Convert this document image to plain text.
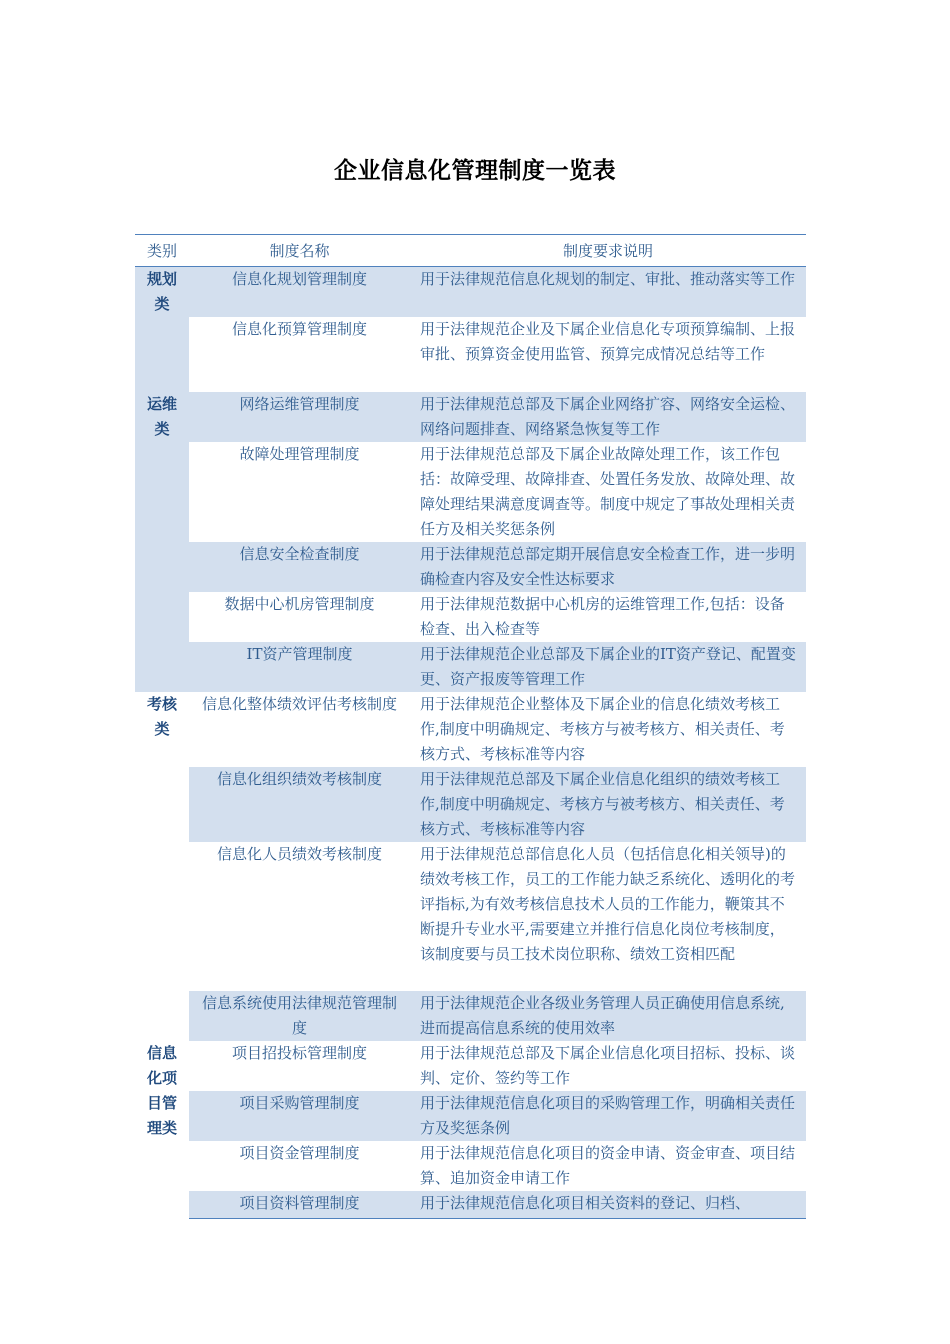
企业信息化管理制度一览表
类别	制度名称	制度要求说明

规划类	信息化规划管理制度	用于法律规范信息化规划的制定、审批、推动落实等工作
	信息化预算管理制度	用于法律规范企业及下属企业信息化专项预算编制、上报审批、预算资金使用监管、预算完成情况总结等工作

运维类	网络运维管理制度	用于法律规范总部及下属企业网络扩容、网络安全运检、网络问题排查、网络紧急恢复等工作
	故障处理管理制度	用于法律规范总部及下属企业故障处理工作，该工作包括：故障受理、故障排查、处置任务发放、故障处理、故障处理结果满意度调查等。制度中规定了事故处理相关责任方及相关奖惩条例
	信息安全检查制度	用于法律规范总部定期开展信息安全检查工作，进一步明确检查内容及安全性达标要求
	数据中心机房管理制度	用于法律规范数据中心机房的运维管理工作,包括：设备检查、出入检查等
	IT资产管理制度	用于法律规范企业总部及下属企业的IT资产登记、配置变更、资产报废等管理工作

考核类	信息化整体绩效评估考核制度	用于法律规范企业整体及下属企业的信息化绩效考核工作,制度中明确规定、考核方与被考核方、相关责任、考核方式、考核标准等内容
	信息化组织绩效考核制度	用于法律规范总部及下属企业信息化组织的绩效考核工作,制度中明确规定、考核方与被考核方、相关责任、考核方式、考核标准等内容
	信息化人员绩效考核制度	用于法律规范总部信息化人员（包括信息化相关领导)的绩效考核工作，员工的工作能力缺乏系统化、透明化的考评指标,为有效考核信息技术人员的工作能力，鞭策其不断提升专业水平,需要建立并推行信息化岗位考核制度，该制度要与员工技术岗位职称、绩效工资相匹配
	信息系统使用法律规范管理制度	用于法律规范企业各级业务管理人员正确使用信息系统,进而提高信息系统的使用效率

信息化项目管理类	项目招投标管理制度	用于法律规范总部及下属企业信息化项目招标、投标、谈判、定价、签约等工作
	项目采购管理制度	用于法律规范信息化项目的采购管理工作，明确相关责任方及奖惩条例
	项目资金管理制度	用于法律规范信息化项目的资金申请、资金审查、项目结算、追加资金申请工作
	项目资料管理制度	用于法律规范信息化项目相关资料的登记、归档、
